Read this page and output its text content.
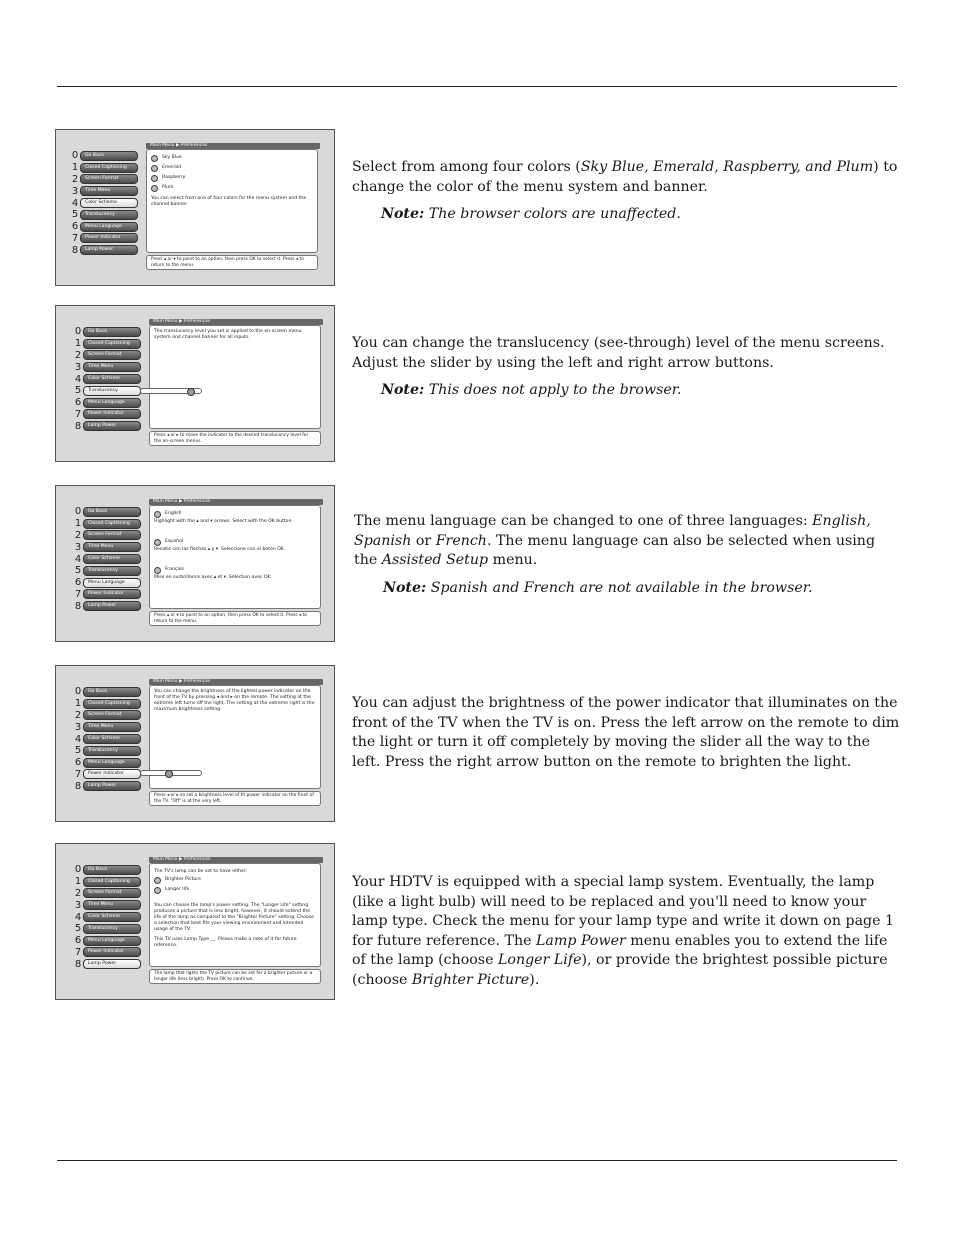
0	Go Back
1	Closed Captioning
2	Screen Format
3	Time Menu
4	Color Scheme
5	Translucency
6	Menu Language
7	Power Indicator
8	Lamp Power
Main Menu ▶ Preferences
Sky Blue
Emerald
Raspberry
Plum
You can select from one of four colors for the menu system and the channel banner.
Press ▴ or ▾ to point to an option, then press OK to select it. Press ◂ to return to the menu.

Select from among four colors (Sky Blue, Emerald, Raspberry, and Plum) to change the color of the menu system and banner.

Note: The browser colors are unaffected.

0	Go Back
1	Closed Captioning
2	Screen Format
3	Time Menu
4	Color Scheme
5	Translucency
6	Menu Language
7	Power Indicator
8	Lamp Power
Main Menu ▶ Preferences
The translucency level you set is applied to the on-screen menu system and channel banner for all inputs.
Press ◂ or ▸ to move the indicator to the desired translucency level for the on-screen menus.

You can change the translucency (see-through) level of the menu screens. Adjust the slider by using the left and right arrow buttons.

Note: This does not apply to the browser.

0	Go Back
1	Closed Captioning
2	Screen Format
3	Time Menu
4	Color Scheme
5	Translucency
6	Menu Language
7	Power Indicator
8	Lamp Power
Main Menu ▶ Preferences
English
Highlight with the ▴ and ▾ arrows. Select with the OK button.
Español
Resalte con las flechas ▴ y ▾. Seleccione con el botón OK.
Français
Mise en surbrillance avec ▴ et ▾. Sélection avec OK.
Press ▴ or ▾ to point to an option, then press OK to select it. Press ◂ to return to the menu.

The menu language can be changed to one of three languages: English, Spanish or French. The menu language can also be selected when using the Assisted Setup menu.

Note: Spanish and French are not available in the browser.

0	Go Back
1	Closed Captioning
2	Screen Format
3	Time Menu
4	Color Scheme
5	Translucency
6	Menu Language
7	Power Indicator
8	Lamp Power
Main Menu ▶ Preferences
You can change the brightness of the lighted power indicator on the front of the TV by pressing ◂ and ▸ on the remote. The setting at the extreme left turns off the light. The setting at the extreme right is the maximum brightness setting.
Press ◂ or ▸ so set a brightness level of th power indicator on the front of the TV. "Off" is at the very left.

You can adjust the brightness of the power indicator that illuminates on the front of the TV when the TV is on. Press the left arrow on the remote to dim the light or turn it off completely by moving the slider all the way to the left. Press the right arrow button on the remote to brighten the light.

0	Go Back
1	Closed Captioning
2	Screen Format
3	Time Menu
4	Color Scheme
5	Translucency
6	Menu Language
7	Power Indicator
8	Lamp Power
Main Menu ▶ Preferences
The TV's lamp can be set to have either:
Brighter Picture
Longer life
You can choose the lamp's power setting. The "Longer Life" setting produces a picture that is less bright, however, it should extend the life of the lamp as compared to the "Brighter Picture" setting. Choose a selection that best fits your viewing environment and intended usage of the TV.
This TV uses Lamp Type __. Please make a note of it for future reference.
The lamp that lights the TV picture can be set for a brighter picture or a longer life (less bright). Press OK to continue.

Your HDTV is equipped with a special lamp system. Eventually, the lamp (like a light bulb) will need to be replaced and you'll need to know your lamp type. Check the menu for your lamp type and write it down on page 1 for future reference. The Lamp Power menu enables you to extend the life of the lamp (choose Longer Life), or provide the brightest possible picture (choose Brighter Picture).
